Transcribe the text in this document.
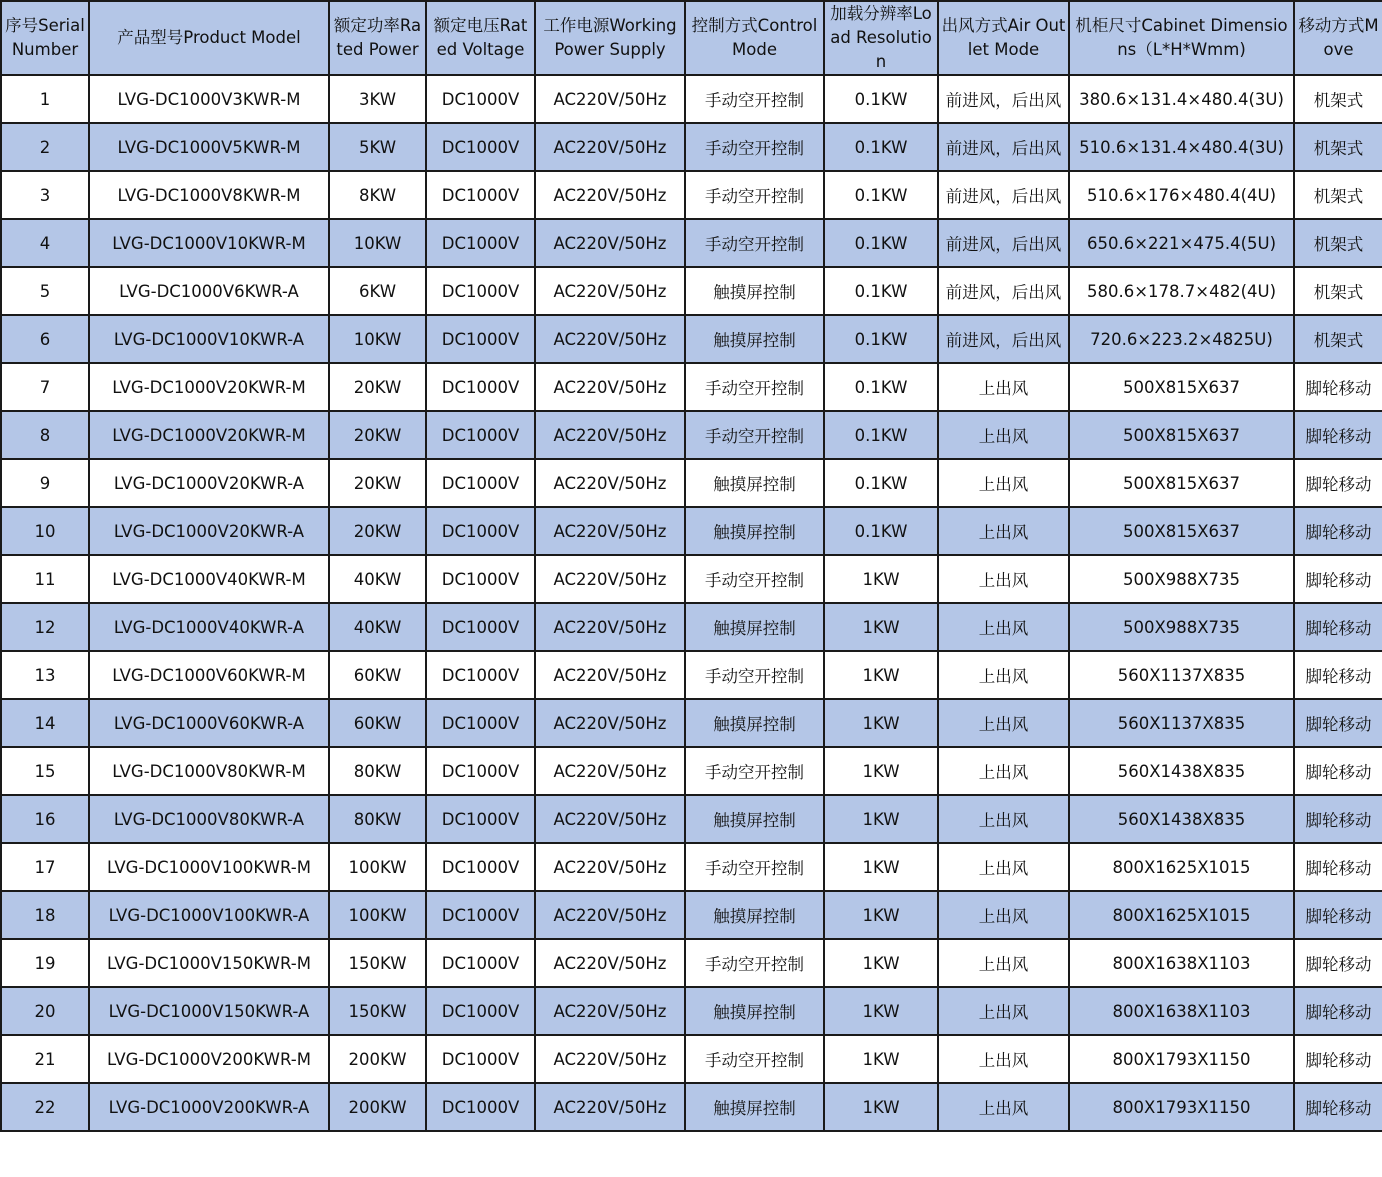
序号Serial Number	产品型号Product Model	额定功率Rated Power	额定电压Rated Voltage	工作电源Working Power Supply	控制方式Control Mode	加载分辨率Load Resolution	出风方式Air Outlet Mode	机柜尺寸Cabinet Dimensions（L*H*Wmm)	移动方式Move
1	LVG-DC1000V3KWR-M	3KW	DC1000V	AC220V/50Hz	手动空开控制	0.1KW	前进风，后出风	380.6×131.4×480.4(3U)	机架式
2	LVG-DC1000V5KWR-M	5KW	DC1000V	AC220V/50Hz	手动空开控制	0.1KW	前进风，后出风	510.6×131.4×480.4(3U)	机架式
3	LVG-DC1000V8KWR-M	8KW	DC1000V	AC220V/50Hz	手动空开控制	0.1KW	前进风，后出风	510.6×176×480.4(4U)	机架式
4	LVG-DC1000V10KWR-M	10KW	DC1000V	AC220V/50Hz	手动空开控制	0.1KW	前进风，后出风	650.6×221×475.4(5U)	机架式
5	LVG-DC1000V6KWR-A	6KW	DC1000V	AC220V/50Hz	触摸屏控制	0.1KW	前进风，后出风	580.6×178.7×482(4U)	机架式
6	LVG-DC1000V10KWR-A	10KW	DC1000V	AC220V/50Hz	触摸屏控制	0.1KW	前进风，后出风	720.6×223.2×4825U)	机架式
7	LVG-DC1000V20KWR-M	20KW	DC1000V	AC220V/50Hz	手动空开控制	0.1KW	上出风	500X815X637	脚轮移动
8	LVG-DC1000V20KWR-M	20KW	DC1000V	AC220V/50Hz	手动空开控制	0.1KW	上出风	500X815X637	脚轮移动
9	LVG-DC1000V20KWR-A	20KW	DC1000V	AC220V/50Hz	触摸屏控制	0.1KW	上出风	500X815X637	脚轮移动
10	LVG-DC1000V20KWR-A	20KW	DC1000V	AC220V/50Hz	触摸屏控制	0.1KW	上出风	500X815X637	脚轮移动
11	LVG-DC1000V40KWR-M	40KW	DC1000V	AC220V/50Hz	手动空开控制	1KW	上出风	500X988X735	脚轮移动
12	LVG-DC1000V40KWR-A	40KW	DC1000V	AC220V/50Hz	触摸屏控制	1KW	上出风	500X988X735	脚轮移动
13	LVG-DC1000V60KWR-M	60KW	DC1000V	AC220V/50Hz	手动空开控制	1KW	上出风	560X1137X835	脚轮移动
14	LVG-DC1000V60KWR-A	60KW	DC1000V	AC220V/50Hz	触摸屏控制	1KW	上出风	560X1137X835	脚轮移动
15	LVG-DC1000V80KWR-M	80KW	DC1000V	AC220V/50Hz	手动空开控制	1KW	上出风	560X1438X835	脚轮移动
16	LVG-DC1000V80KWR-A	80KW	DC1000V	AC220V/50Hz	触摸屏控制	1KW	上出风	560X1438X835	脚轮移动
17	LVG-DC1000V100KWR-M	100KW	DC1000V	AC220V/50Hz	手动空开控制	1KW	上出风	800X1625X1015	脚轮移动
18	LVG-DC1000V100KWR-A	100KW	DC1000V	AC220V/50Hz	触摸屏控制	1KW	上出风	800X1625X1015	脚轮移动
19	LVG-DC1000V150KWR-M	150KW	DC1000V	AC220V/50Hz	手动空开控制	1KW	上出风	800X1638X1103	脚轮移动
20	LVG-DC1000V150KWR-A	150KW	DC1000V	AC220V/50Hz	触摸屏控制	1KW	上出风	800X1638X1103	脚轮移动
21	LVG-DC1000V200KWR-M	200KW	DC1000V	AC220V/50Hz	手动空开控制	1KW	上出风	800X1793X1150	脚轮移动
22	LVG-DC1000V200KWR-A	200KW	DC1000V	AC220V/50Hz	触摸屏控制	1KW	上出风	800X1793X1150	脚轮移动
